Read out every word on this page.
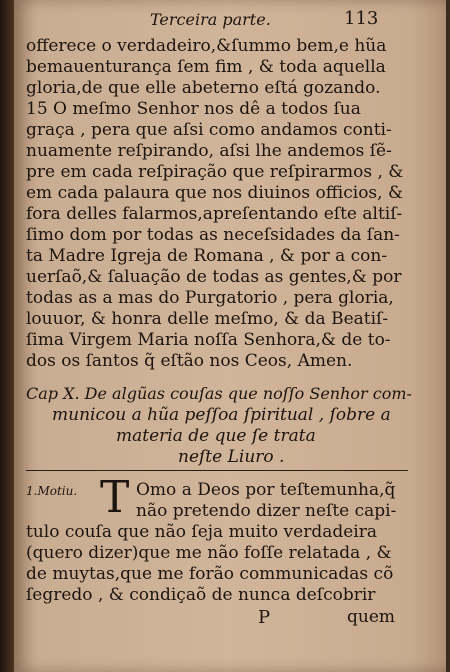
Terceira parte.	113
offerece o verdadeiro,&ſummo bem,e hũa
bemauenturança ſem fim , & toda aquella
gloria,de que elle abeterno eſtá gozando.
15 O meſmo Senhor nos dê a todos ſua
graça , pera que aſsi como andamos conti-
nuamente reſpirando, aſsi lhe andemos ſẽ-
pre em cada reſpiração que reſpirarmos , &
em cada palaura que nos diuinos officios, &
fora delles falarmos,apreſentando eſte altiſ-
ſimo dom por todas as neceſsidades da ſan-
ta Madre Igreja de Romana , & por a con-
uerſaõ,& ſaluação de todas as gentes,& por
todas as a mas do Purgatorio , pera gloria,
louuor, & honra delle meſmo, & da Beatiſ-
ſima Virgem Maria noſſa Senhora,& de to-
dos os ſantos q̃ eſtão nos Ceos, Amen.
Cap X. De algũas couſas que noſſo Senhor com-
municou a hũa peſſoa ſpiritual , ſobre a
materia de que ſe trata
neſte Liuro .
1.Motiu. T Omo a Deos por teſtemunha,q̃
não pretendo dizer neſte capi-
tulo couſa que não ſeja muito verdadeira
(quero dizer)que me não foſſe relatada , &
de muytas,que me forão communicadas cõ
ſegredo , & condiçaõ de nunca deſcobrir
P	quem
